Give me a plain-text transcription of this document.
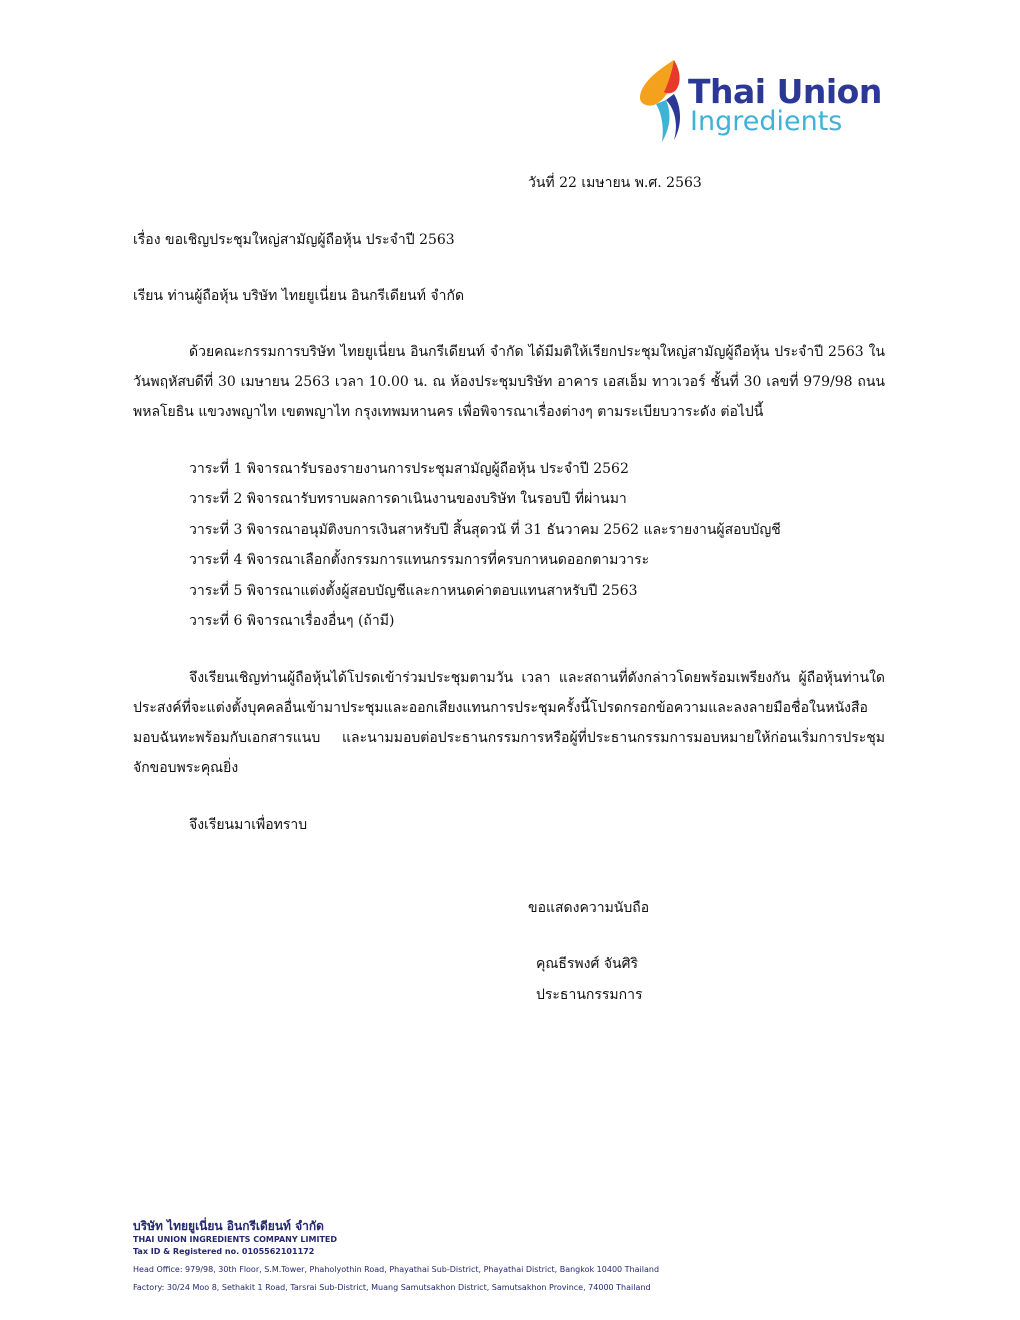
Thai Union
Ingredients
วันที่ 22 เมษายน พ.ศ. 2563
เรื่อง ขอเชิญประชุมใหญ่สามัญผู้ถือหุ้น ประจำปี 2563
เรียน ท่านผู้ถือหุ้น บริษัท ไทยยูเนี่ยน อินกรีเดียนท์ จำกัด

ด้วยคณะกรรมการบริษัท ไทยยูเนี่ยน อินกรีเดียนท์ จำกัด ได้มีมติให้เรียกประชุมใหญ่สามัญผู้ถือหุ้น ประจำปี 2563 ในวันพฤหัสบดีที่ 30 เมษายน 2563 เวลา 10.00 น. ณ ห้องประชุมบริษัท อาคาร เอสเอ็ม ทาวเวอร์ ชั้นที่ 30 เลขที่ 979/98 ถนนพหลโยธิน แขวงพญาไท เขตพญาไท กรุงเทพมหานคร เพื่อพิจารณาเรื่องต่างๆ ตามระเบียบวาระดัง ต่อไปนี้

วาระที่ 1 พิจารณารับรองรายงานการประชุมสามัญผู้ถือหุ้น ประจำปี 2562
วาระที่ 2 พิจารณารับทราบผลการดาเนินงานของบริษัท ในรอบปี ที่ผ่านมา
วาระที่ 3 พิจารณาอนุมัติงบการเงินสาหรับปี สิ้นสุดวนั ที่ 31 ธันวาคม 2562 และรายงานผู้สอบบัญชี
วาระที่ 4 พิจารณาเลือกตั้งกรรมการแทนกรรมการที่ครบกาหนดออกตามวาระ
วาระที่ 5 พิจารณาแต่งตั้งผู้สอบบัญชีและกาหนดค่าตอบแทนสาหรับปี 2563
วาระที่ 6 พิจารณาเรื่องอื่นๆ (ถ้ามี)

จึงเรียนเชิญท่านผู้ถือหุ้นได้โปรดเข้าร่วมประชุมตามวัน เวลา และสถานที่ดังกล่าวโดยพร้อมเพรียงกัน ผู้ถือหุ้นท่านใดประสงค์ที่จะแต่งตั้งบุคคลอื่นเข้ามาประชุมและออกเสียงแทนการประชุมครั้งนี้โปรดกรอกข้อความและลงลายมือชื่อในหนังสือมอบฉันทะพร้อมกับเอกสารแนบ และนามมอบต่อประธานกรรมการหรือผู้ที่ประธานกรรมการมอบหมายให้ก่อนเริ่มการประชุม จักขอบพระคุณยิ่ง

จึงเรียนมาเพื่อทราบ
ขอแสดงความนับถือ
คุณธีรพงศ์ จันศิริ
ประธานกรรมการ
บริษัท ไทยยูเนี่ยน อินกรีเดียนท์ จำกัด
THAI UNION INGREDIENTS COMPANY LIMITED
Tax ID & Registered no. 0105562101172
Head Office: 979/98, 30th Floor, S.M.Tower, Phaholyothin Road, Phayathai Sub-District, Phayathai District, Bangkok 10400 Thailand
Factory: 30/24 Moo 8, Sethakit 1 Road, Tarsrai Sub-District, Muang Samutsakhon District, Samutsakhon Province, 74000 Thailand
